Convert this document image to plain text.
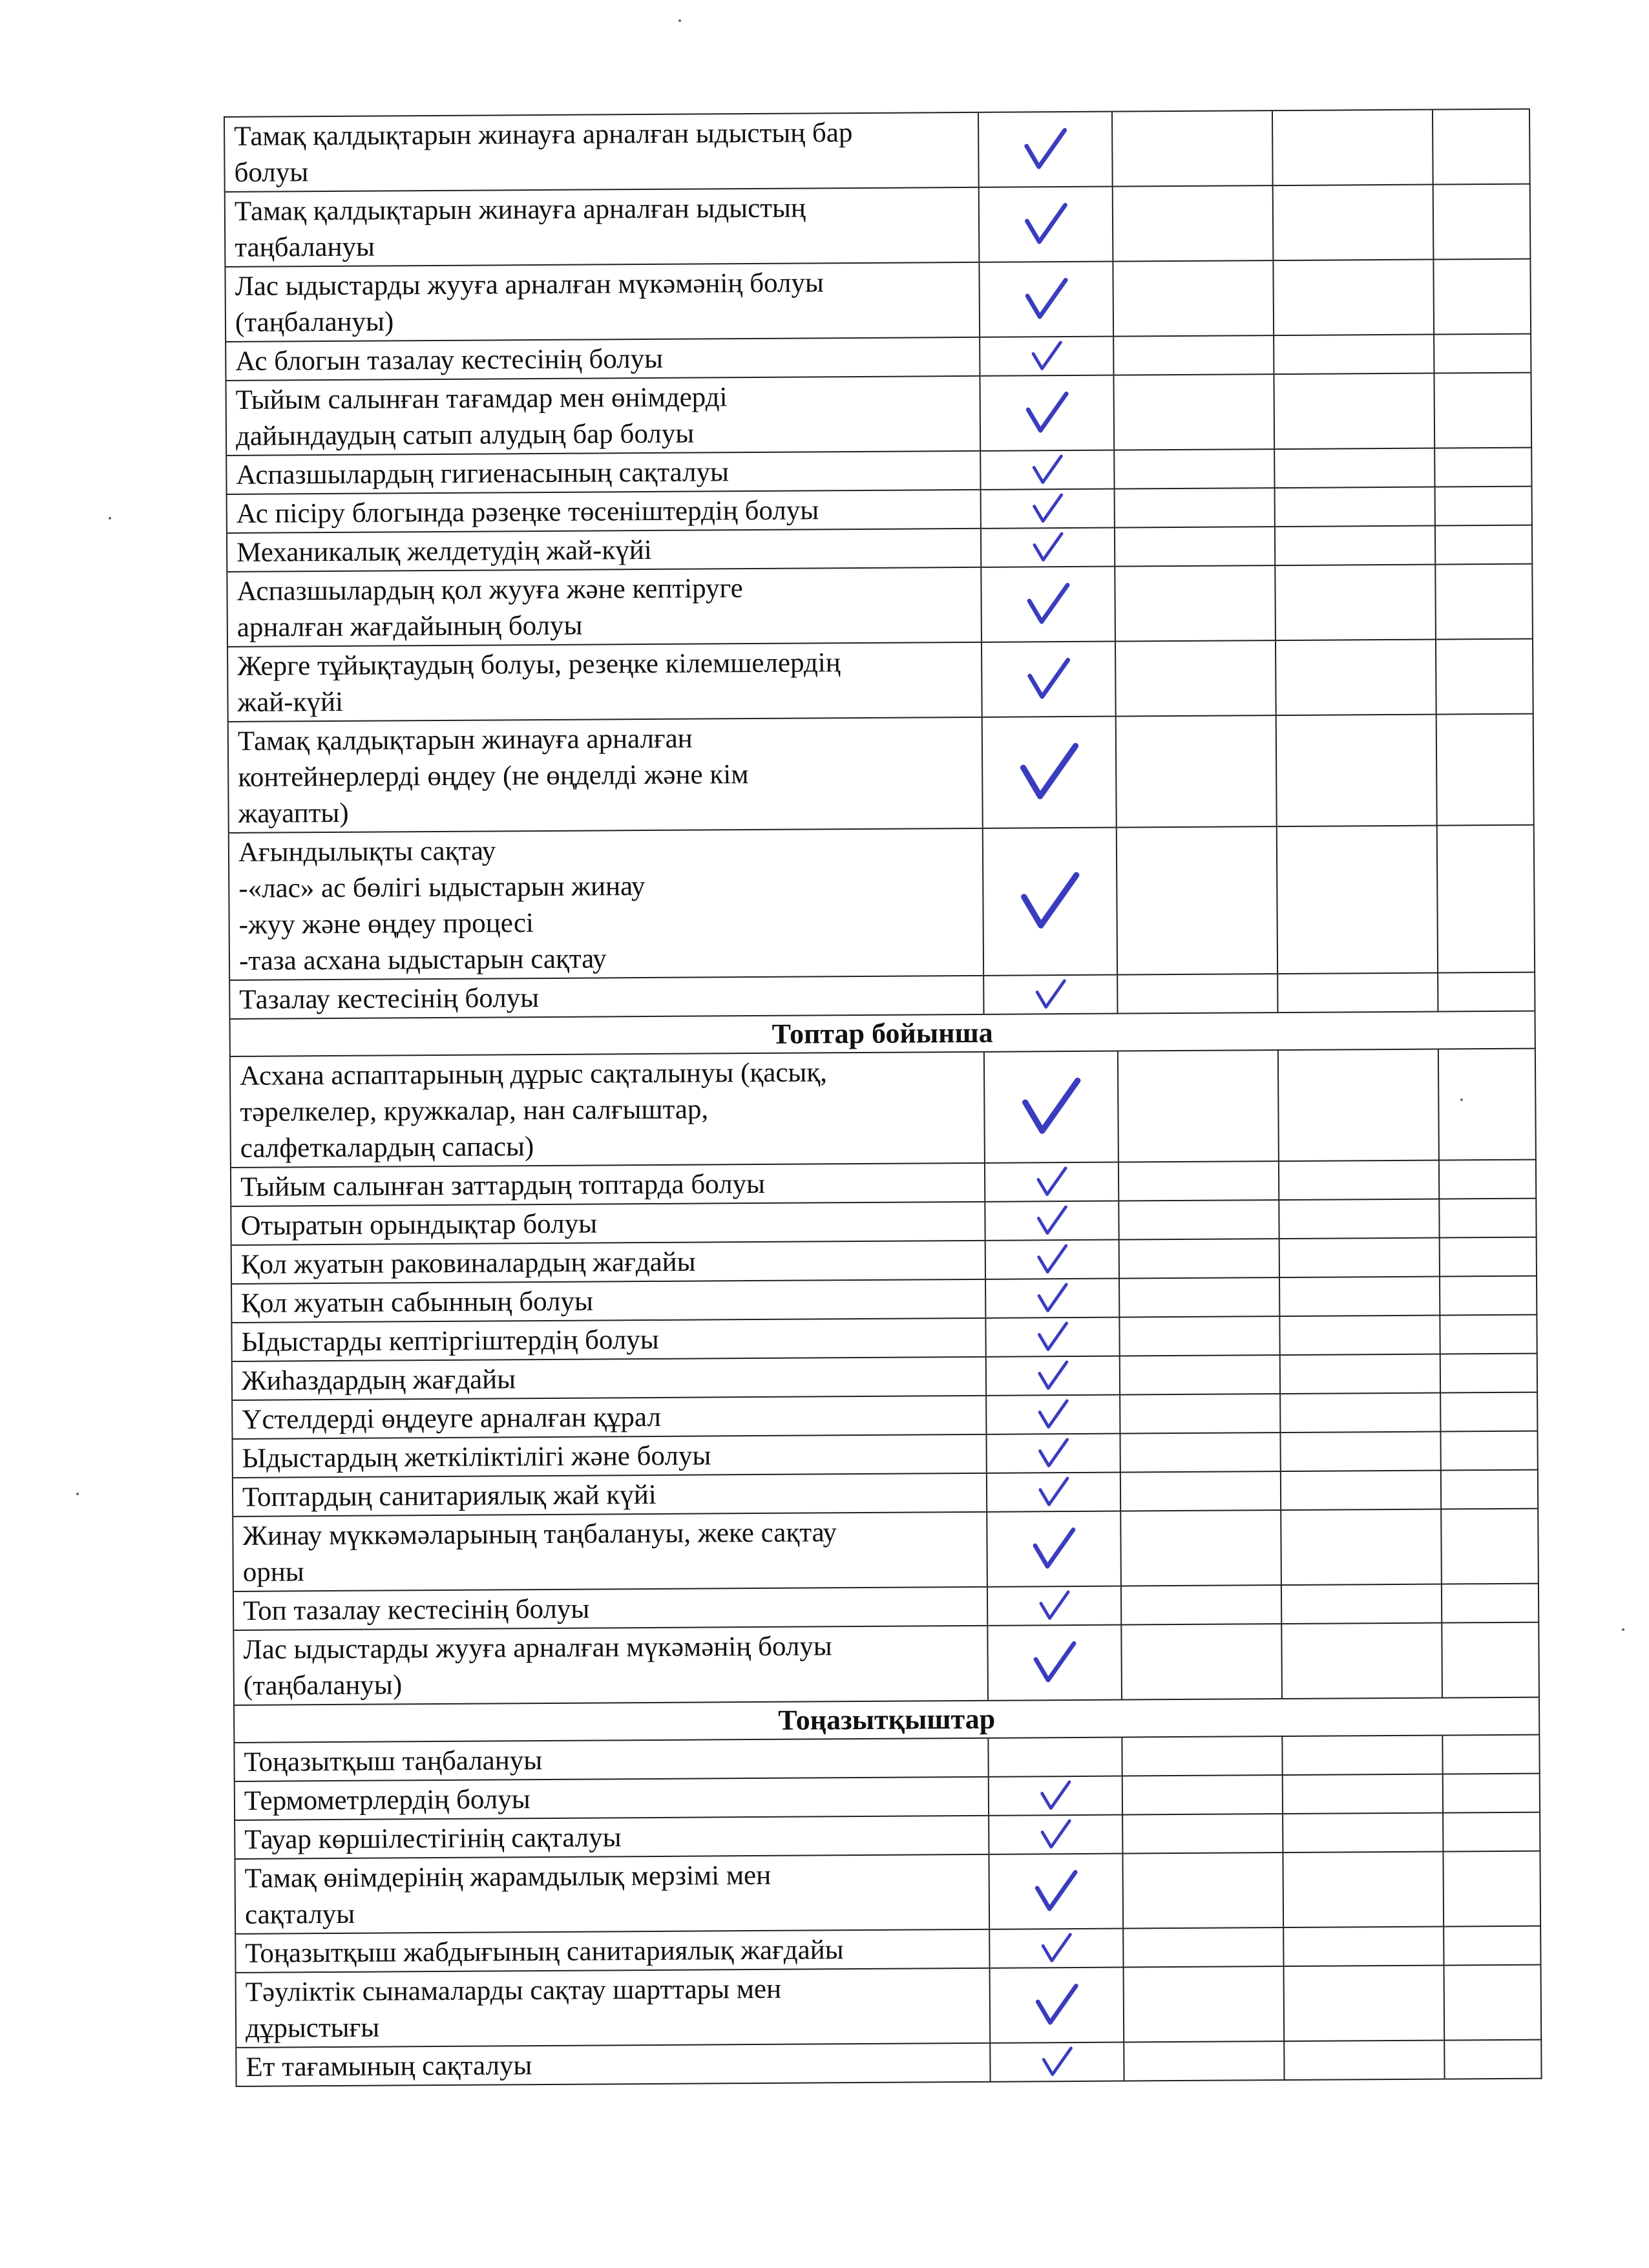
Тамақ қалдықтарын жинауға арналған ыдыстың бар
болуы
Тамақ қалдықтарын жинауға арналған ыдыстың
таңбалануы
Лас ыдыстарды жууға арналған мүкәмәнің болуы
(таңбалануы)
Ас блогын тазалау кестесінің болуы
Тыйым салынған тағамдар мен өнімдерді
дайындаудың сатып алудың бар болуы
Аспазшылардың гигиенасының сақталуы
Ас пісіру блогында рәзеңке төсеніштердің болуы
Механикалық желдетудің жай-күйі
Аспазшылардың қол жууға және кептіруге
арналған жағдайының болуы
Жерге тұйықтаудың болуы, резеңке кілемшелердің
жай-күйі
Тамақ қалдықтарын жинауға арналған
контейнерлерді өңдеу (не өңделді және кім
жауапты)
Ағындылықты сақтау
-«лас» ас бөлігі ыдыстарын жинау
-жуу және өңдеу процесі
-таза асхана ыдыстарын сақтау
Тазалау кестесінің болуы
Топтар бойынша
Асхана аспаптарының дұрыс сақталынуы (қасық,
тәрелкелер, кружкалар, нан салғыштар,
салфеткалардың сапасы)
Тыйым салынған заттардың топтарда болуы
Отыратын орындықтар болуы
Қол жуатын раковиналардың жағдайы
Қол жуатын сабынның болуы
Ыдыстарды кептіргіштердің болуы
Жиһаздардың жағдайы
Үстелдерді өңдеуге арналған құрал
Ыдыстардың жеткіліктілігі және болуы
Топтардың санитариялық жай күйі
Жинау мүккәмәларының таңбалануы, жеке сақтау
орны
Топ тазалау кестесінің болуы
Лас ыдыстарды жууға арналған мүкәмәнің болуы
(таңбалануы)
Тоңазытқыштар
Тоңазытқыш таңбалануы
Термометрлердің болуы
Тауар көршілестігінің сақталуы
Тамақ өнімдерінің жарамдылық мерзімі мен
сақталуы
Тоңазытқыш жабдығының санитариялық жағдайы
Тәуліктік сынамаларды сақтау шарттары мен
дұрыстығы
Ет тағамының сақталуы
